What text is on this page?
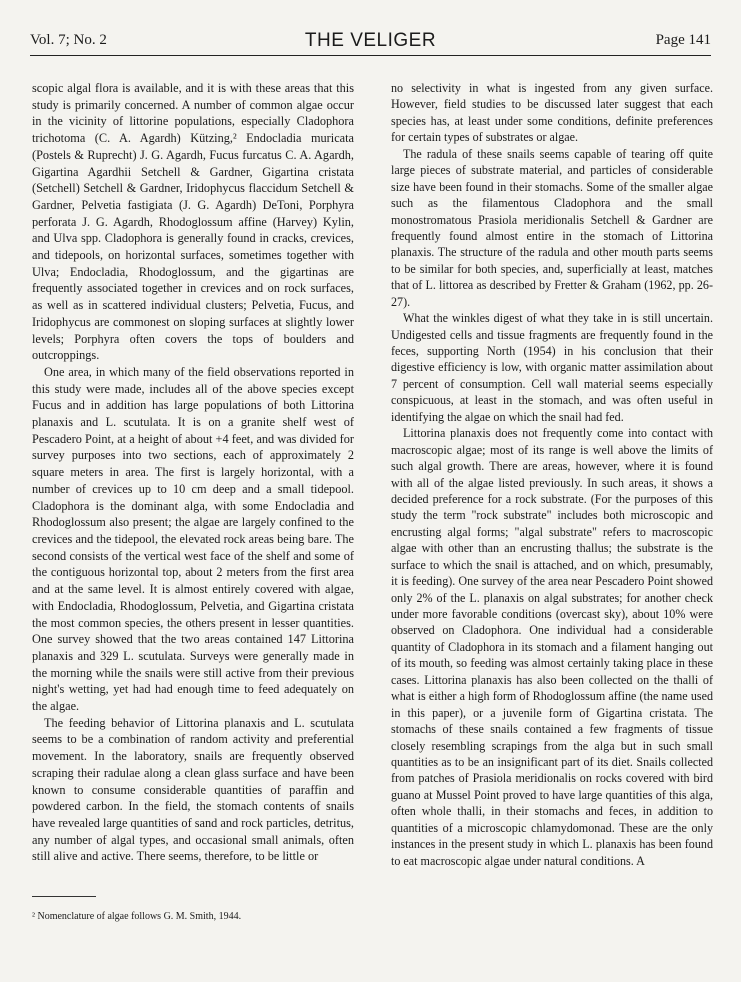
Vol. 7; No. 2	THE VELIGER	Page 141

scopic algal flora is available, and it is with these areas that this study is primarily concerned. A number of common algae occur in the vicinity of littorine populations, especially Cladophora trichotoma (C. A. Agardh) Kützing,² Endocladia muricata (Postels & Ruprecht) J. G. Agardh, Fucus furcatus C. A. Agardh, Gigartina Agardhii Setchell & Gardner, Gigartina cristata (Setchell) Setchell & Gardner, Iridophycus flaccidum Setchell & Gardner, Pelvetia fastigiata (J. G. Agardh) DeToni, Porphyra perforata J. G. Agardh, Rhodoglossum affine (Harvey) Kylin, and Ulva spp. Cladophora is generally found in cracks, crevices, and tidepools, on horizontal surfaces, sometimes together with Ulva; Endocladia, Rhodoglossum, and the gigartinas are frequently associated together in crevices and on rock surfaces, as well as in scattered individual clusters; Pelvetia, Fucus, and Iridophycus are commonest on sloping surfaces at slightly lower levels; Porphyra often covers the tops of boulders and outcroppings.

One area, in which many of the field observations reported in this study were made, includes all of the above species except Fucus and in addition has large populations of both Littorina planaxis and L. scutulata. It is on a granite shelf west of Pescadero Point, at a height of about +4 feet, and was divided for survey purposes into two sections, each of approximately 2 square meters in area. The first is largely horizontal, with a number of crevices up to 10 cm deep and a small tidepool. Cladophora is the dominant alga, with some Endocladia and Rhodoglossum also present; the algae are largely confined to the crevices and the tidepool, the elevated rock areas being bare. The second consists of the vertical west face of the shelf and some of the contiguous horizontal top, about 2 meters from the first area and at the same level. It is almost entirely covered with algae, with Endocladia, Rhodoglossum, Pelvetia, and Gigartina cristata the most common species, the others present in lesser quantities. One survey showed that the two areas contained 147 Littorina planaxis and 329 L. scutulata. Surveys were generally made in the morning while the snails were still active from their previous night's wetting, yet had had enough time to feed adequately on the algae.

The feeding behavior of Littorina planaxis and L. scutulata seems to be a combination of random activity and preferential movement. In the laboratory, snails are frequently observed scraping their radulae along a clean glass surface and have been known to consume considerable quantities of paraffin and powdered carbon. In the field, the stomach contents of snails have revealed large quantities of sand and rock particles, detritus, any number of algal types, and occasional small animals, often still alive and active. There seems, therefore, to be little or

no selectivity in what is ingested from any given surface. However, field studies to be discussed later suggest that each species has, at least under some conditions, definite preferences for certain types of substrates or algae.

The radula of these snails seems capable of tearing off quite large pieces of substrate material, and particles of considerable size have been found in their stomachs. Some of the smaller algae such as the filamentous Cladophora and the small monostromatous Prasiola meridionalis Setchell & Gardner are frequently found almost entire in the stomach of Littorina planaxis. The structure of the radula and other mouth parts seems to be similar for both species, and, superficially at least, matches that of L. littorea as described by Fretter & Graham (1962, pp. 26-27).

What the winkles digest of what they take in is still uncertain. Undigested cells and tissue fragments are frequently found in the feces, supporting North (1954) in his conclusion that their digestive efficiency is low, with organic matter assimilation about 7 percent of consumption. Cell wall material seems especially conspicuous, at least in the stomach, and was often useful in identifying the algae on which the snail had fed.

Littorina planaxis does not frequently come into contact with macroscopic algae; most of its range is well above the limits of such algal growth. There are areas, however, where it is found with all of the algae listed previously. In such areas, it shows a decided preference for a rock substrate. (For the purposes of this study the term "rock substrate" includes both microscopic and encrusting algal forms; "algal substrate" refers to macroscopic algae with other than an encrusting thallus; the substrate is the surface to which the snail is attached, and on which, presumably, it is feeding). One survey of the area near Pescadero Point showed only 2% of the L. planaxis on algal substrates; for another check under more favorable conditions (overcast sky), about 10% were observed on Cladophora. One individual had a considerable quantity of Cladophora in its stomach and a filament hanging out of its mouth, so feeding was almost certainly taking place in these cases. Littorina planaxis has also been collected on the thalli of what is either a high form of Rhodoglossum affine (the name used in this paper), or a juvenile form of Gigartina cristata. The stomachs of these snails contained a few fragments of tissue closely resembling scrapings from the alga but in such small quantities as to be an insignificant part of its diet. Snails collected from patches of Prasiola meridionalis on rocks covered with bird guano at Mussel Point proved to have large quantities of this alga, often whole thalli, in their stomachs and feces, in addition to quantities of a microscopic chlamydomonad. These are the only instances in the present study in which L. planaxis has been found to eat macroscopic algae under natural conditions. A

² Nomenclature of algae follows G. M. Smith, 1944.
